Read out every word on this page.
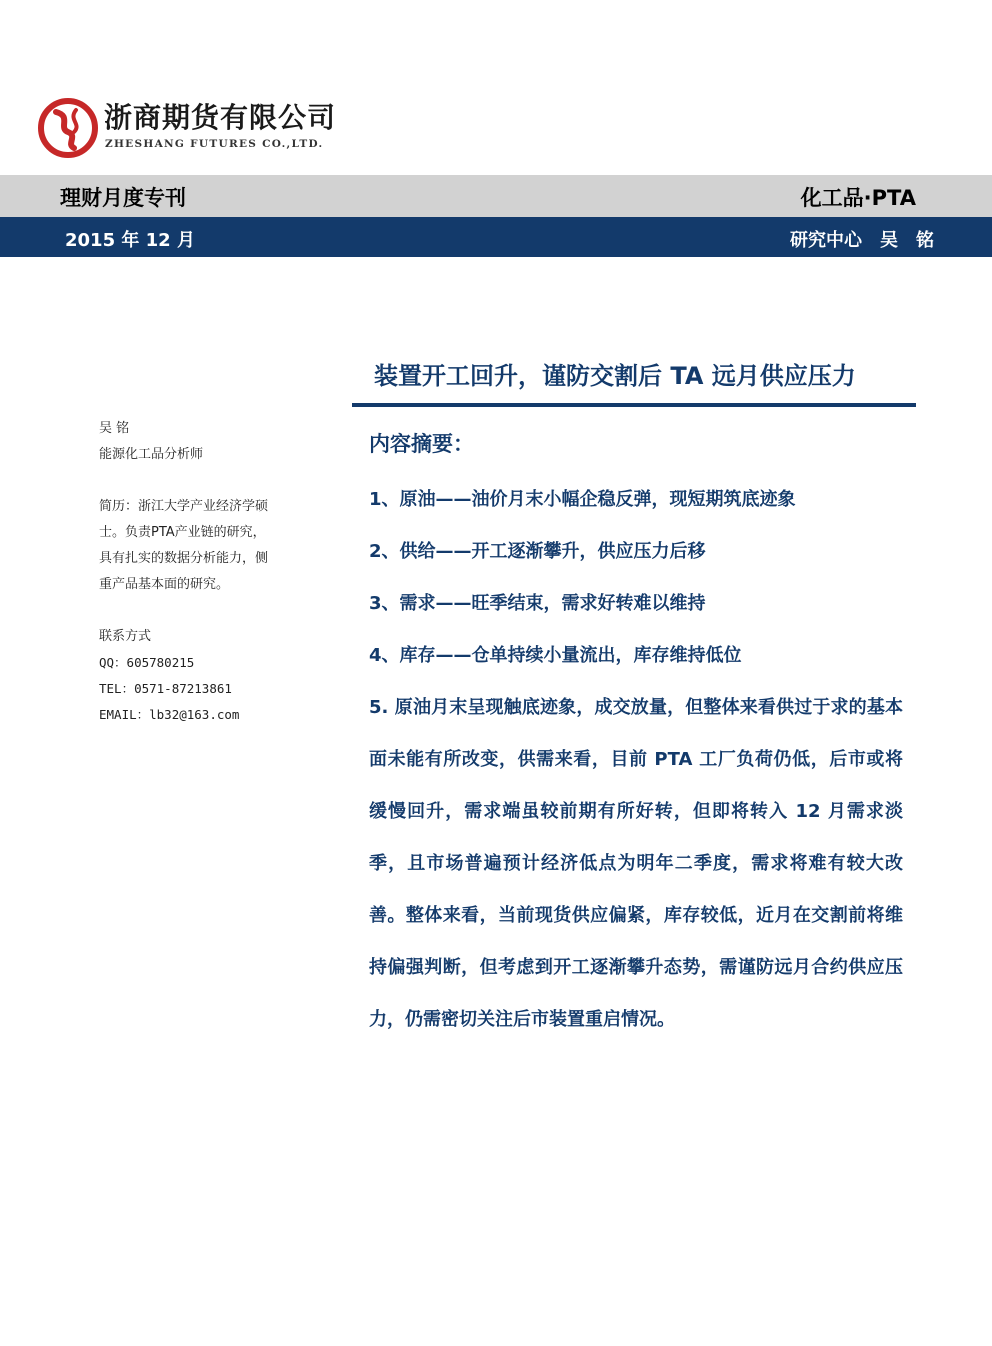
浙商期货有限公司
ZHESHANG FUTURES CO.,LTD.
理财月度专刊	化工品·PTA
2015 年 12 月	研究中心　吴　铭
装置开工回升，谨防交割后 TA 远月供应压力
吴 铭
能源化工品分析师
简历：浙江大学产业经济学硕
士。负责PTA产业链的研究，
具有扎实的数据分析能力，侧
重产品基本面的研究。
联系方式
QQ：605780215
TEL：0571-87213861
EMAIL：lb32@163.com
内容摘要：
1、原油——油价月末小幅企稳反弹，现短期筑底迹象
2、供给——开工逐渐攀升，供应压力后移
3、需求——旺季结束，需求好转难以维持
4、库存——仓单持续小量流出，库存维持低位
5. 原油月末呈现触底迹象，成交放量，但整体来看供过于求的基本面未能有所改变，供需来看，目前 PTA 工厂负荷仍低，后市或将缓慢回升，需求端虽较前期有所好转，但即将转入 12 月需求淡季，且市场普遍预计经济低点为明年二季度，需求将难有较大改善。整体来看，当前现货供应偏紧，库存较低，近月在交割前将维持偏强判断，但考虑到开工逐渐攀升态势，需谨防远月合约供应压力，仍需密切关注后市装置重启情况。
